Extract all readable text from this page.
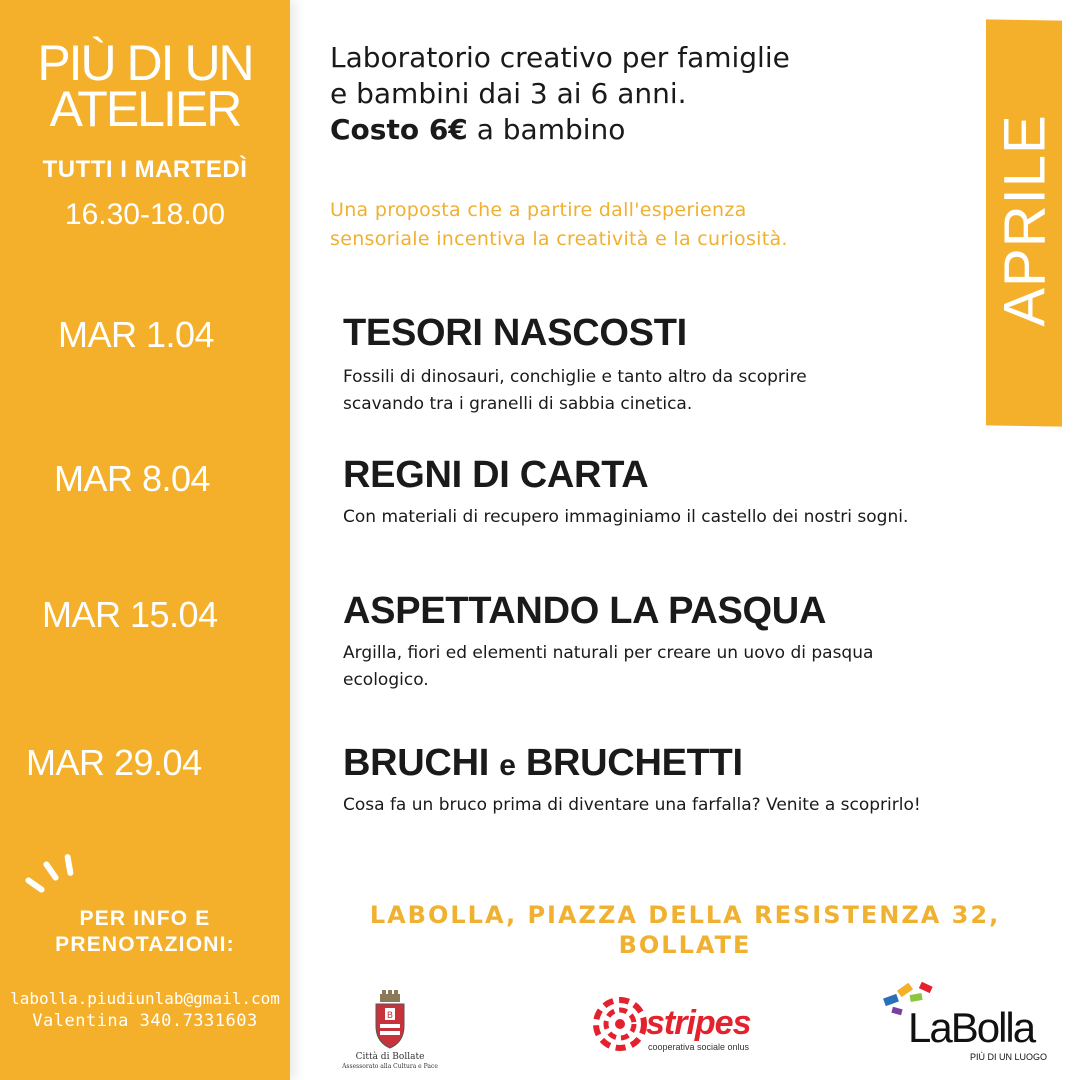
PIÙ DI UN
ATELIER
TUTTI I MARTEDÌ
16.30-18.00
MAR 1.04
MAR 8.04
MAR 15.04
MAR 29.04
PER INFO E
PRENOTAZIONI:
labolla.piudiunlab@gmail.com
Valentina 340.7331603
Laboratorio creativo per famiglie
e bambini dai 3 ai 6 anni.
Costo 6€ a bambino
Una proposta che a partire dall'esperienza
sensoriale incentiva la creatività e la curiosità.	APRILE
TESORI NASCOSTI
Fossili di dinosauri, conchiglie e tanto altro da scoprire
scavando tra i granelli di sabbia cinetica.
REGNI DI CARTA
Con materiali di recupero immaginiamo il castello dei nostri sogni.
ASPETTANDO LA PASQUA
Argilla, fiori ed elementi naturali per creare un uovo di pasqua
ecologico.
BRUCHI e BRUCHETTI
Cosa fa un bruco prima di diventare una farfalla? Venite a scoprirlo!
LABOLLA, PIAZZA DELLA RESISTENZA 32,
BOLLATE
B
Città di Bollate
Assessorato alla Cultura e Pace
stripes
cooperativa sociale onlus	LaBolla
PIÙ DI UN LUOGO
